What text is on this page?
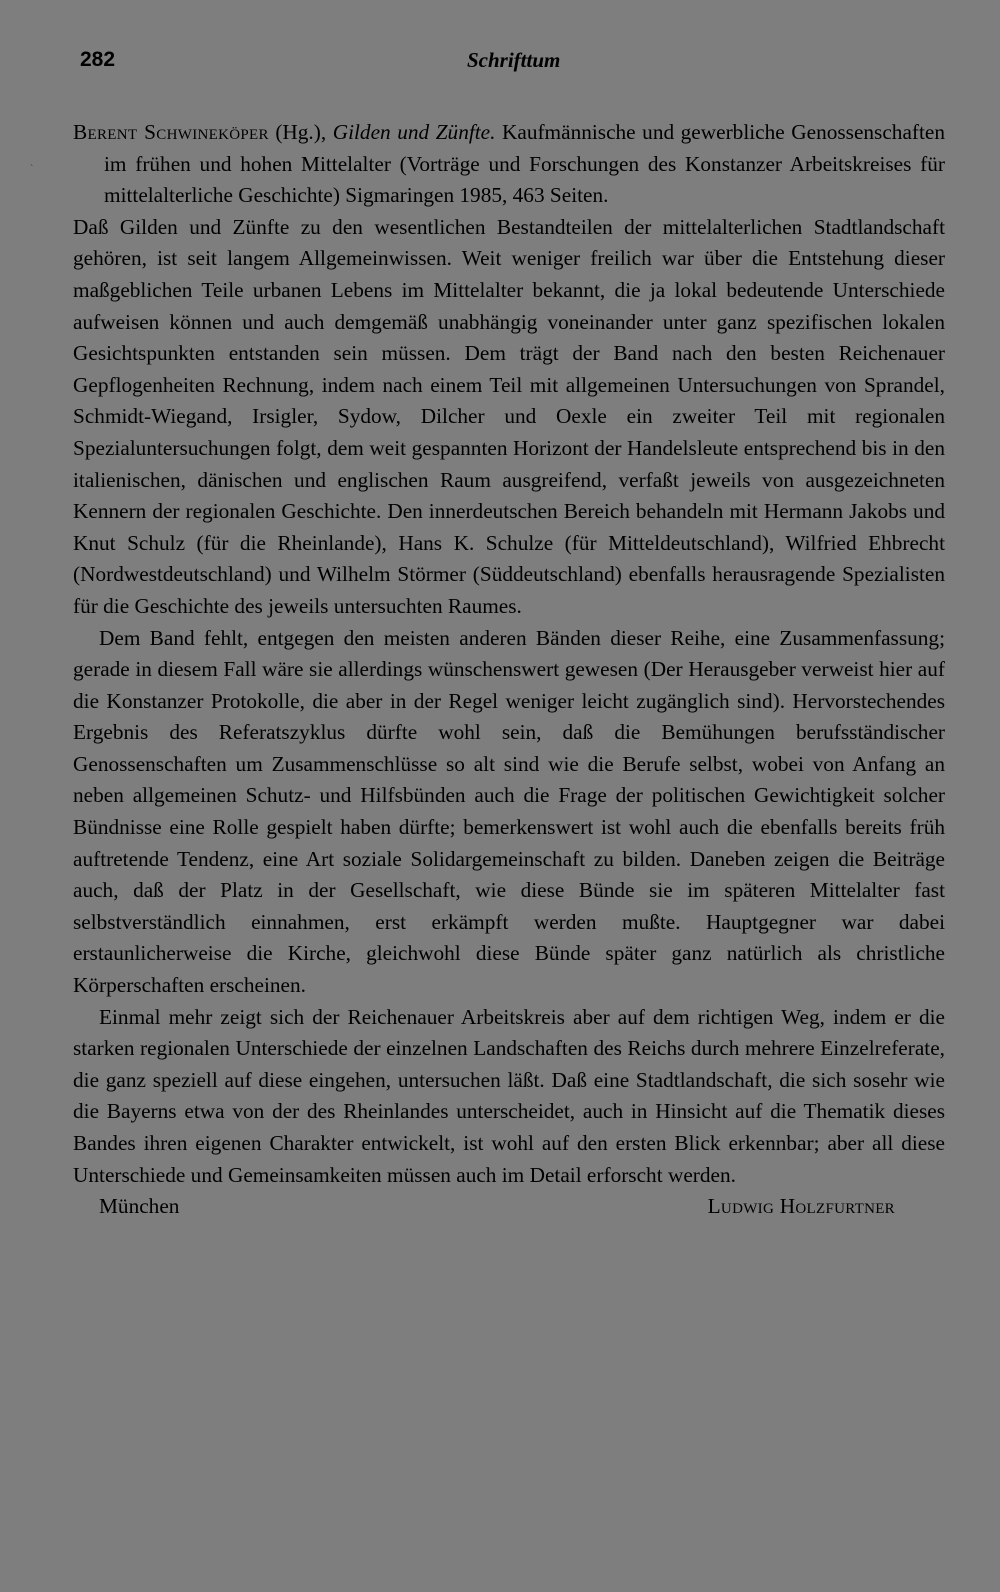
282	Schrifttum
`

Berent Schwineköper (Hg.), Gilden und Zünfte. Kaufmännische und gewerbliche Genossenschaften im frühen und hohen Mittelalter (Vorträge und Forschungen des Konstanzer Arbeitskreises für mittelalterliche Geschichte) Sigmaringen 1985, 463 Seiten.

Daß Gilden und Zünfte zu den wesentlichen Bestandteilen der mittelalterlichen Stadtlandschaft gehören, ist seit langem Allgemeinwissen. Weit weniger freilich war über die Entstehung dieser maßgeblichen Teile urbanen Lebens im Mittelalter bekannt, die ja lokal bedeutende Unterschiede aufweisen können und auch demgemäß unabhängig voneinander unter ganz spezifischen lokalen Gesichtspunkten entstanden sein müssen. Dem trägt der Band nach den besten Reichenauer Gepflogenheiten Rechnung, indem nach einem Teil mit allgemeinen Untersuchungen von Sprandel, Schmidt-Wiegand, Irsigler, Sydow, Dilcher und Oexle ein zweiter Teil mit regionalen Spezialuntersuchungen folgt, dem weit gespannten Horizont der Handelsleute entsprechend bis in den italienischen, dänischen und englischen Raum ausgreifend, verfaßt jeweils von ausgezeichneten Kennern der regionalen Geschichte. Den innerdeutschen Bereich behandeln mit Hermann Jakobs und Knut Schulz (für die Rheinlande), Hans K. Schulze (für Mitteldeutschland), Wilfried Ehbrecht (Nordwestdeutschland) und Wilhelm Störmer (Süddeutschland) ebenfalls herausragende Spezialisten für die Geschichte des jeweils untersuchten Raumes.

Dem Band fehlt, entgegen den meisten anderen Bänden dieser Reihe, eine Zusammenfassung; gerade in diesem Fall wäre sie allerdings wünschenswert gewesen (Der Herausgeber verweist hier auf die Konstanzer Protokolle, die aber in der Regel weniger leicht zugänglich sind). Hervorstechendes Ergebnis des Referatszyklus dürfte wohl sein, daß die Bemühungen berufsständischer Genossenschaften um Zusammenschlüsse so alt sind wie die Berufe selbst, wobei von Anfang an neben allgemeinen Schutz- und Hilfsbünden auch die Frage der politischen Gewichtigkeit solcher Bündnisse eine Rolle gespielt haben dürfte; bemerkenswert ist wohl auch die ebenfalls bereits früh auftretende Tendenz, eine Art soziale Solidargemeinschaft zu bilden. Daneben zeigen die Beiträge auch, daß der Platz in der Gesellschaft, wie diese Bünde sie im späteren Mittelalter fast selbstverständlich einnahmen, erst erkämpft werden mußte. Hauptgegner war dabei erstaunlicherweise die Kirche, gleichwohl diese Bünde später ganz natürlich als christliche Körperschaften erscheinen.

Einmal mehr zeigt sich der Reichenauer Arbeitskreis aber auf dem richtigen Weg, indem er die starken regionalen Unterschiede der einzelnen Landschaften des Reichs durch mehrere Einzelreferate, die ganz speziell auf diese eingehen, untersuchen läßt. Daß eine Stadtlandschaft, die sich sosehr wie die Bayerns etwa von der des Rheinlandes unterscheidet, auch in Hinsicht auf die Thematik dieses Bandes ihren eigenen Charakter entwickelt, ist wohl auf den ersten Blick erkennbar; aber all diese Unterschiede und Gemeinsamkeiten müssen auch im Detail erforscht werden.

München	Ludwig Holzfurtner
